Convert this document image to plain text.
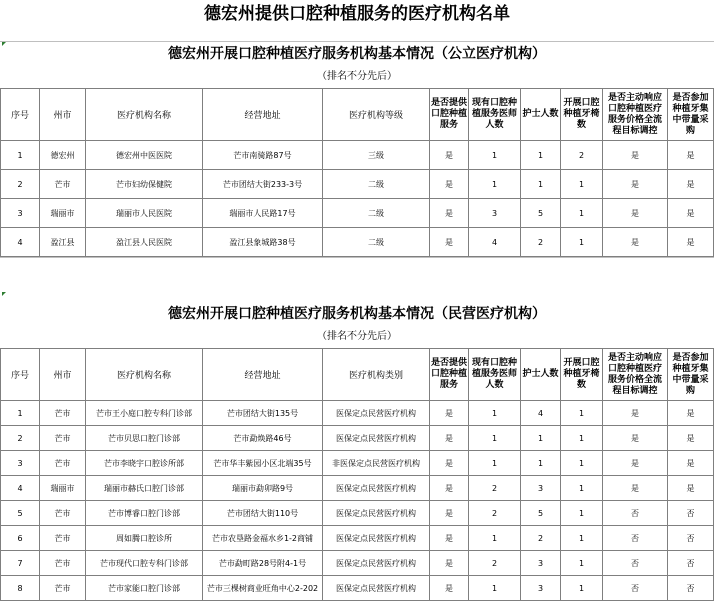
德宏州提供口腔种植服务的医疗机构名单
德宏州开展口腔种植医疗服务机构基本情况（公立医疗机构）
（排名不分先后）
序号	州市	医疗机构名称	经营地址	医疗机构等级	是否提供口腔种植服务	现有口腔种植服务医师人数	护士人数	开展口腔种植牙椅数	是否主动响应口腔种植医疗服务价格全流程目标调控	是否参加种植牙集中带量采购
1	德宏州	德宏州中医医院	芒市南骑路87号	三级	是	1	1	2	是	是
2	芒市	芒市妇幼保健院	芒市团结大街233-3号	二级	是	1	1	1	是	是
3	瑞丽市	瑞丽市人民医院	瑞丽市人民路17号	二级	是	3	5	1	是	是
4	盈江县	盈江县人民医院	盈江县象城路38号	二级	是	4	2	1	是	是
德宏州开展口腔种植医疗服务机构基本情况（民营医疗机构）
（排名不分先后）
序号	州市	医疗机构名称	经营地址	医疗机构类别	是否提供口腔种植服务	现有口腔种植服务医师人数	护士人数	开展口腔种植牙椅数	是否主动响应口腔种植医疗服务价格全流程目标调控	是否参加种植牙集中带量采购
1	芒市	芒市王小庭口腔专科门诊部	芒市团结大街135号	医保定点民营医疗机构	是	1	4	1	是	是
2	芒市	芒市贝思口腔门诊部	芒市勐焕路46号	医保定点民营医疗机构	是	1	1	1	是	是
3	芒市	芒市李晓宇口腔诊所部	芒市华丰紫园小区北端35号	非医保定点民营医疗机构	是	1	1	1	是	是
4	瑞丽市	瑞丽市赫氏口腔门诊部	瑞丽市勐卯路9号	医保定点民营医疗机构	是	2	3	1	是	是
5	芒市	芒市博睿口腔门诊部	芒市团结大街110号	医保定点民营医疗机构	是	2	5	1	否	否
6	芒市	周如腾口腔诊所	芒市农垦路金福水乡1-2商铺	医保定点民营医疗机构	是	1	2	1	否	否
7	芒市	芒市现代口腔专科门诊部	芒市勐町路28号附4-1号	医保定点民营医疗机构	是	2	3	1	否	否
8	芒市	芒市家能口腔门诊部	芒市三棵树商业旺角中心2-202	医保定点民营医疗机构	是	1	3	1	否	否
